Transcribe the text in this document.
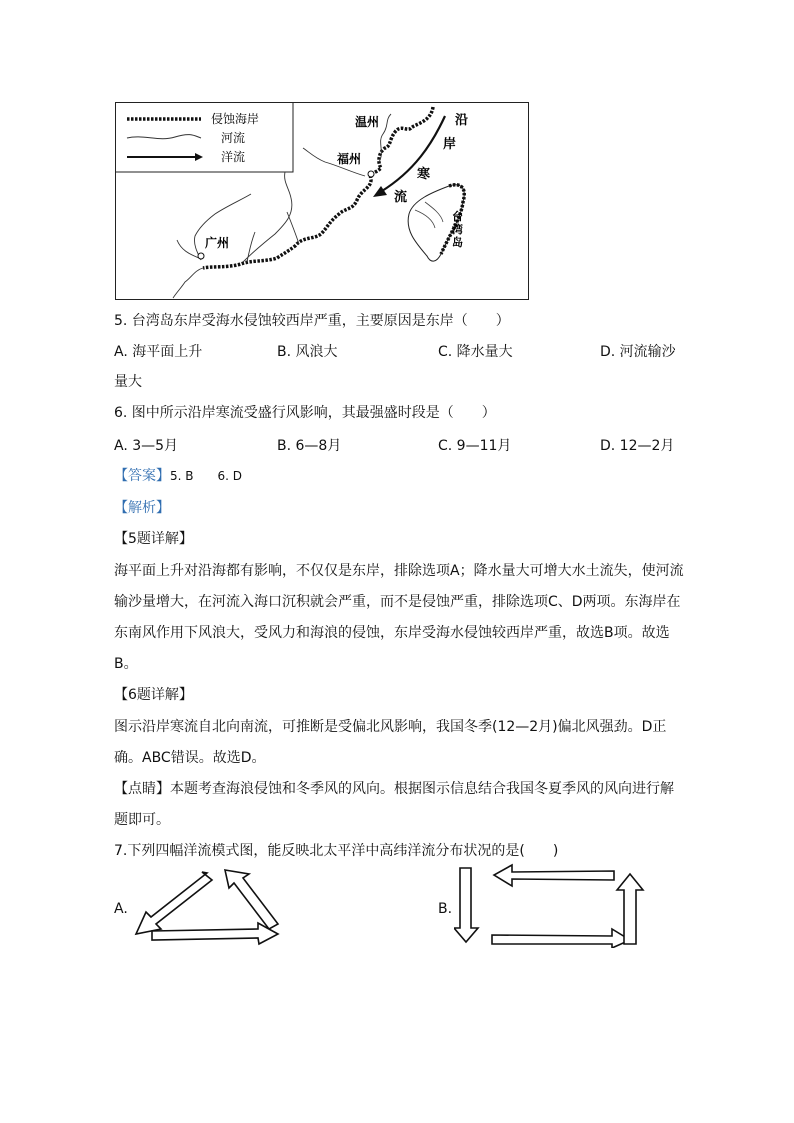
侵蚀海岸
河流
洋流
温州
福州
广州
沿
岸
寒
流
台
湾
岛
5. 台湾岛东岸受海水侵蚀较西岸严重，主要原因是东岸（　　）
A. 海平面上升	B. 风浪大	C. 降水量大	D. 河流输沙
量大
6. 图中所示沿岸寒流受盛行风影响，其最强盛时段是（　　）
A. 3—5月	B. 6—8月	C. 9—11月	D. 12—2月
【答案】5. B　　6. D
【解析】
【5题详解】
海平面上升对沿海都有影响，不仅仅是东岸，排除选项A；降水量大可增大水土流失，使河流输沙量增大，在河流入海口沉积就会严重，而不是侵蚀严重，排除选项C、D两项。东海岸在东南风作用下风浪大，受风力和海浪的侵蚀，东岸受海水侵蚀较西岸严重，故选B项。故选B。
【6题详解】
图示沿岸寒流自北向南流，可推断是受偏北风影响，我国冬季(12—2月)偏北风强劲。D正确。ABC错误。故选D。
【点睛】本题考查海浪侵蚀和冬季风的风向。根据图示信息结合我国冬夏季风的风向进行解题即可。
7.下列四幅洋流模式图，能反映北太平洋中高纬洋流分布状况的是(　　)
A.	B.
